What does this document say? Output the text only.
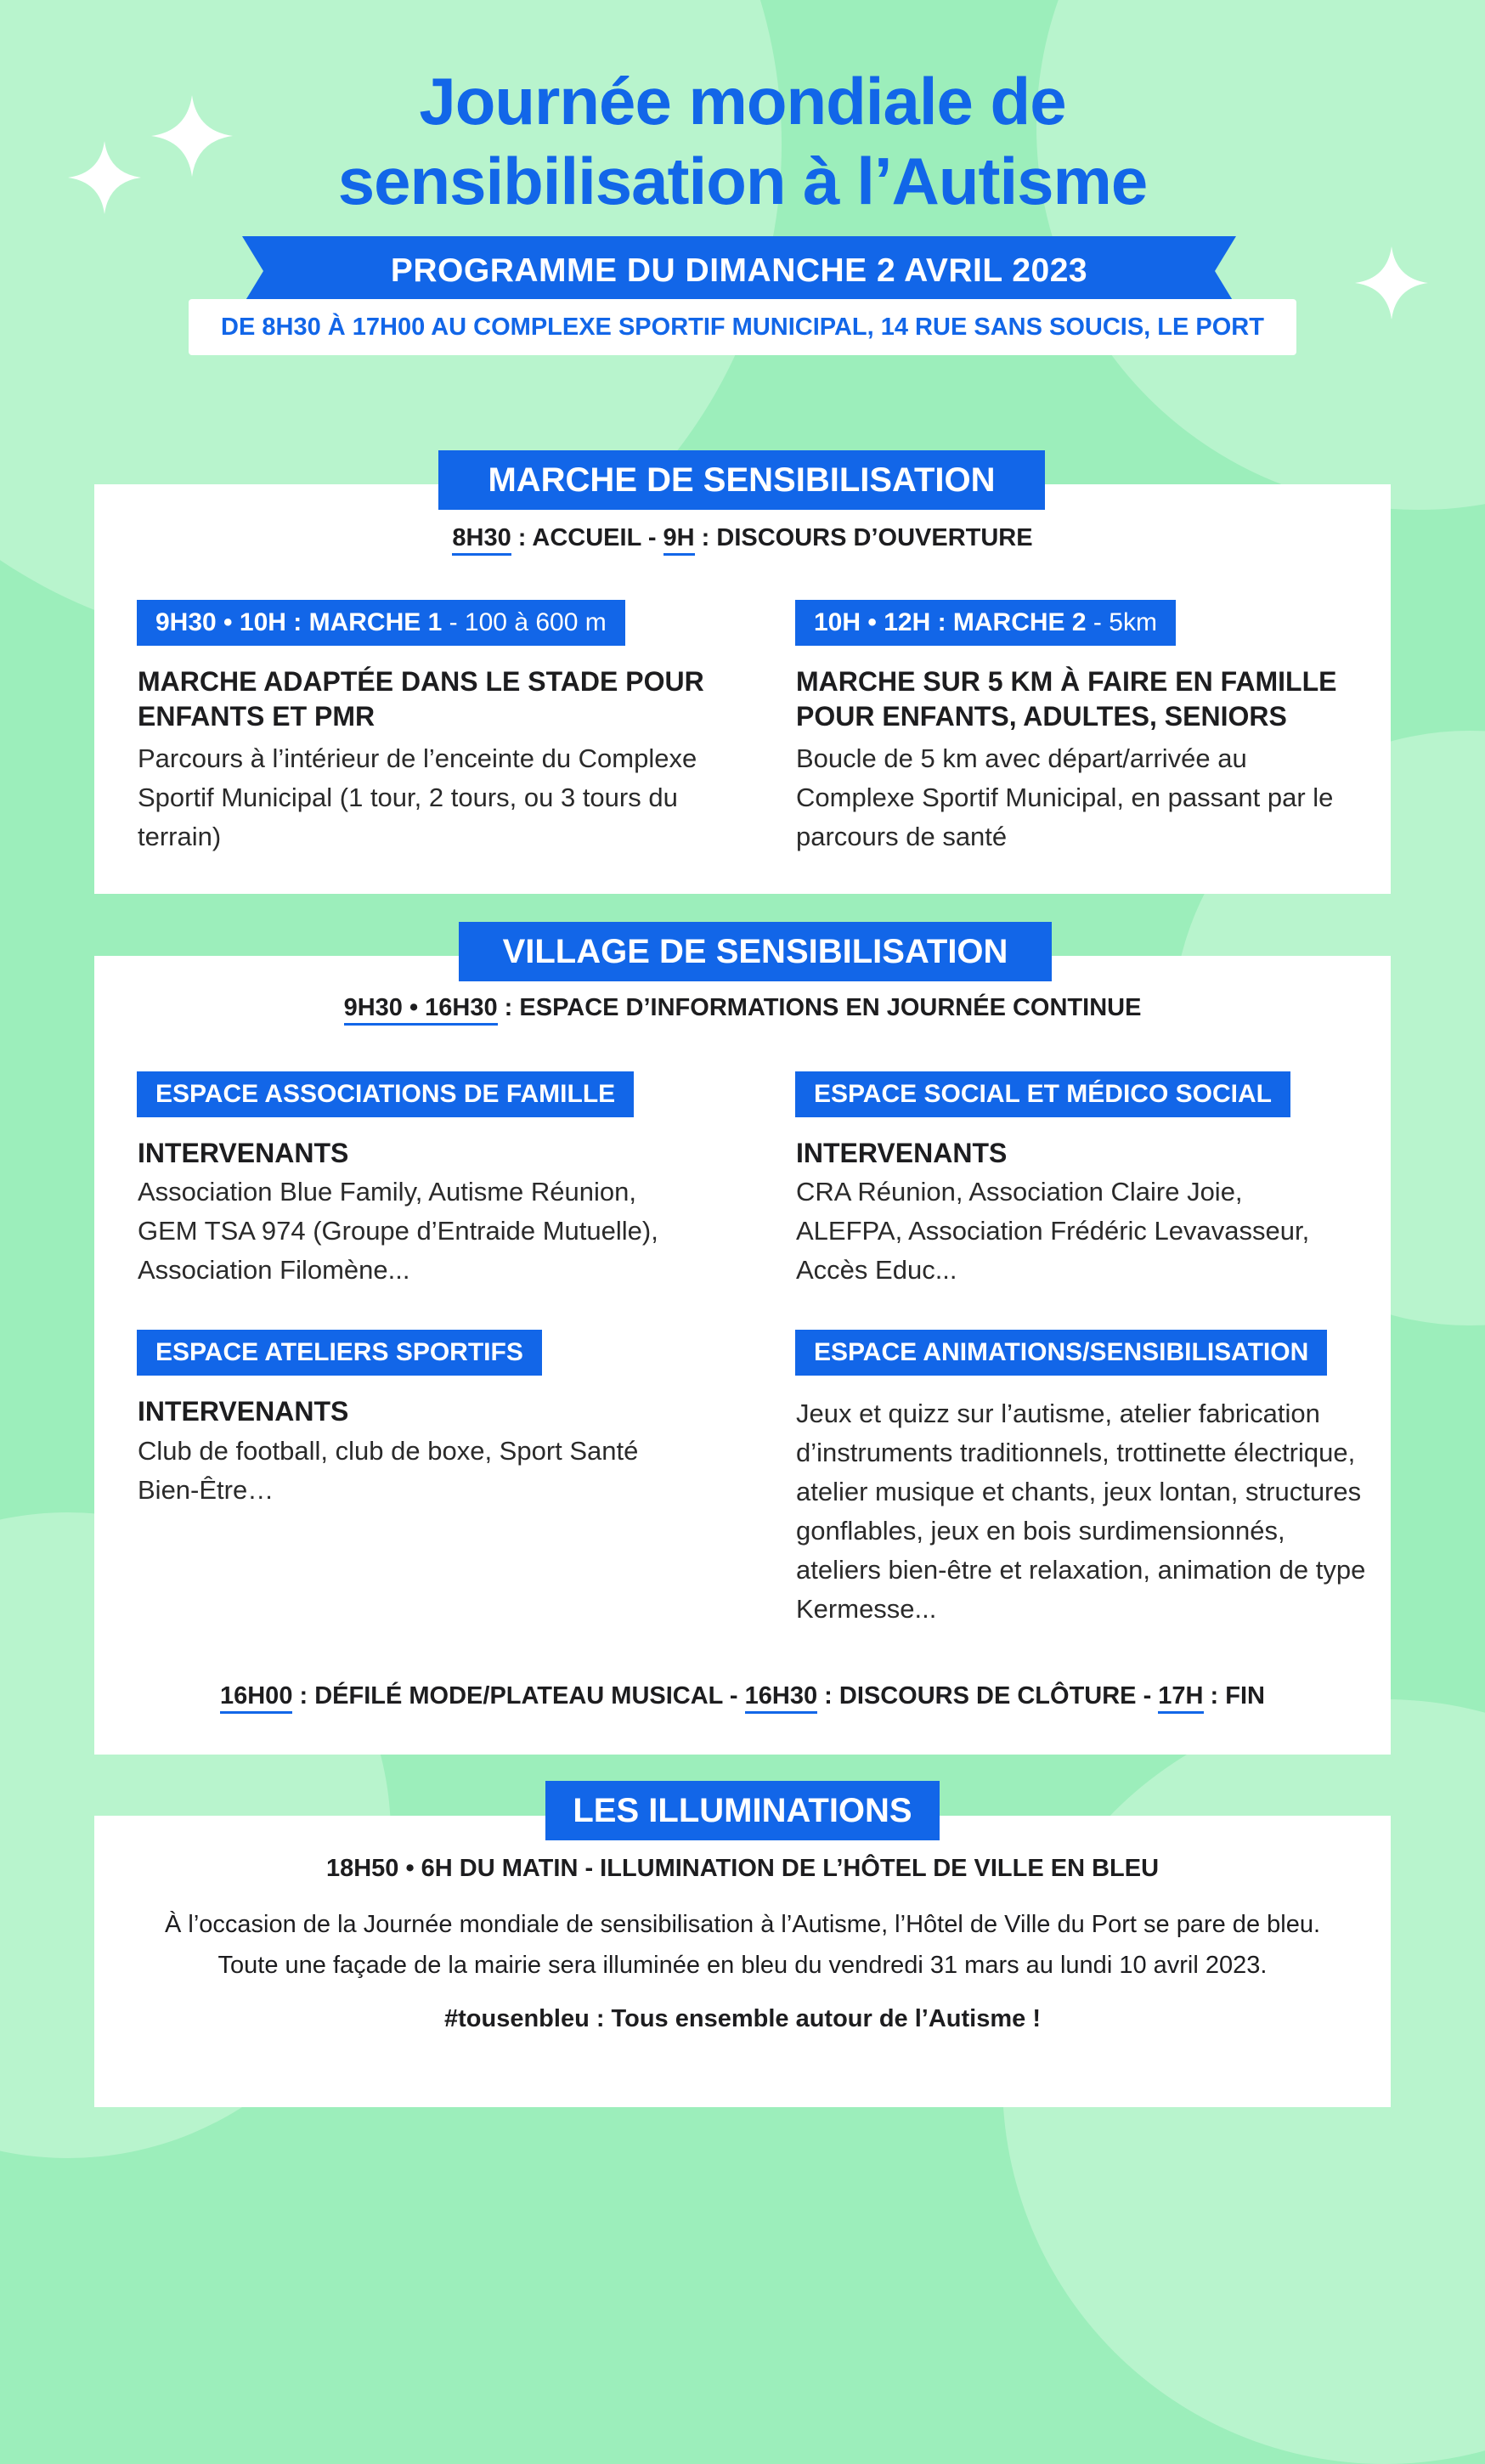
Journée mondiale de
sensibilisation à l’Autisme
PROGRAMME DU DIMANCHE 2 AVRIL 2023
DE 8H30 À 17H00 AU COMPLEXE SPORTIF MUNICIPAL, 14 RUE SANS SOUCIS, LE PORT
8H30 : ACCUEIL - 9H : DISCOURS D’OUVERTURE
9H30 • 10H : MARCHE 1 - 100 à 600 m
MARCHE ADAPTÉE DANS LE STADE POUR ENFANTS ET PMR
Parcours à l’intérieur de l’enceinte du Complexe Sportif Municipal (1 tour, 2 tours, ou 3 tours du terrain)
10H • 12H : MARCHE 2 - 5km
MARCHE SUR 5 KM À FAIRE EN FAMILLE POUR ENFANTS, ADULTES, SENIORS
Boucle de 5 km avec départ/arrivée au Complexe Sportif Municipal, en passant par le parcours de santé
MARCHE DE SENSIBILISATION
9H30 • 16H30 : ESPACE D’INFORMATIONS EN JOURNÉE CONTINUE
ESPACE ASSOCIATIONS DE FAMILLE
INTERVENANTS
Association Blue Family, Autisme Réunion, GEM TSA 974 (Groupe d’Entraide Mutuelle), Association Filomène...
ESPACE SOCIAL ET MÉDICO SOCIAL
INTERVENANTS
CRA Réunion, Association Claire Joie, ALEFPA, Association Frédéric Levavasseur, Accès Educ...
ESPACE ATELIERS SPORTIFS
INTERVENANTS
Club de football, club de boxe, Sport Santé Bien-Être…
ESPACE ANIMATIONS/SENSIBILISATION
Jeux et quizz sur l’autisme, atelier fabrication d’instruments traditionnels, trottinette électrique, atelier musique et chants, jeux lontan, structures gonflables, jeux en bois surdimensionnés, ateliers bien-être et relaxation, animation de type Kermesse...
16H00 : DÉFILÉ MODE/PLATEAU MUSICAL - 16H30 : DISCOURS DE CLÔTURE - 17H : FIN
VILLAGE DE SENSIBILISATION
18H50 • 6H DU MATIN - ILLUMINATION DE L’HÔTEL DE VILLE EN BLEU
À l’occasion de la Journée mondiale de sensibilisation à l’Autisme, l’Hôtel de Ville du Port se pare de bleu.
Toute une façade de la mairie sera illuminée en bleu du vendredi 31 mars au lundi 10 avril 2023.
#tousenbleu : Tous ensemble autour de l’Autisme !
LES ILLUMINATIONS
